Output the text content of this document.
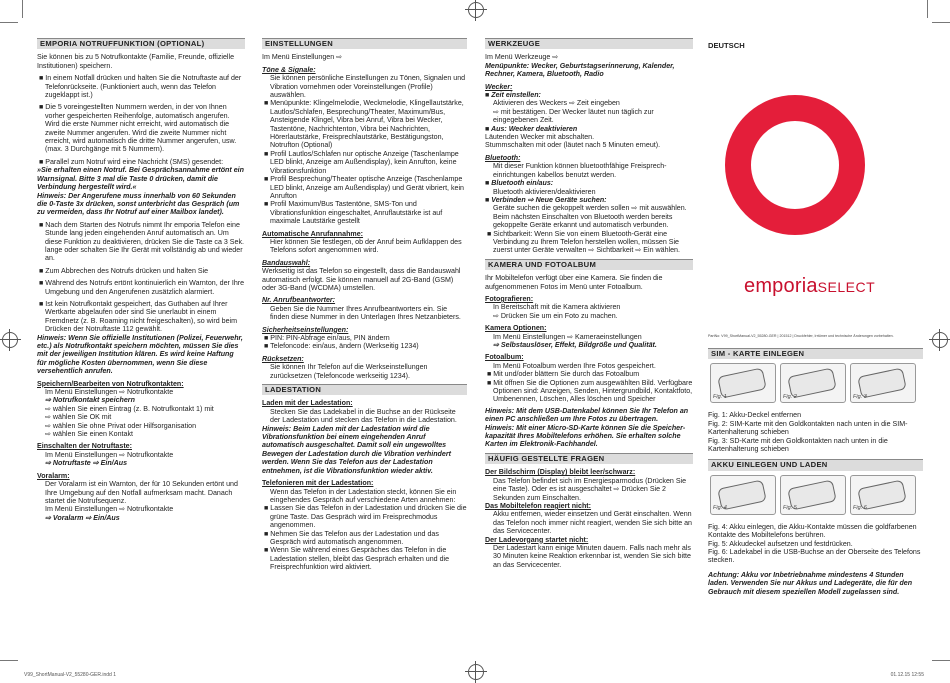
EMPORIA NOTRUFFUNKTION (OPTIONAL)

Sie können bis zu 5 Notrufkontakte (Familie, Freunde, offizielle Institutionen) speichern.

■ In einem Notfall drücken und halten Sie die Notruftaste auf der Telefonrückseite. (Funktioniert auch, wenn das Telefon zugeklappt ist.)

■ Die 5 voreingestellten Nummern werden, in der von Ihnen vorher gespeicherten Reihenfolge, automatisch angerufen. Wird die erste Nummer nicht erreicht, wird automatisch die zweite Nummer angerufen. Wird die zweite Nummer nicht erreicht, wird automatisch die dritte Nummer angerufen, usw. (max. 3 Durchgänge mit 5 Nummern).

■ Parallel zum Notruf wird eine Nachricht (SMS) gesendet:

»Sie erhalten einen Notruf. Bei Gesprächsannahme ertönt ein Warnsignal. Bitte 3 mal die Taste 0 drücken, damit die Verbindung hergestellt wird.«

Hinweis: Der Angerufene muss innerhalb von 60 Sekunden die 0-Taste 3x drücken, sonst unterbricht das Gespräch (um zu vermeiden, dass Ihr Notruf auf einer Mailbox landet).

■ Nach dem Starten des Notrufs nimmt Ihr emporia Telefon eine Stunde lang jeden eingehenden Anruf automatisch an. Um diese Funktion zu deaktivieren, drücken Sie die Taste ca 3 Sek. lange oder schalten Sie Ihr Gerät mit vollständig ab und wieder an.

■ Zum Abbrechen des Notrufs drücken und halten Sie

■ Während des Notrufs ertönt kontinuierlich ein Warnton, der Ihre Umgebung und den Angerufenen zusätzlich alarmiert.

■ Ist kein Notrufkontakt gespeichert, das Guthaben auf Ihrer Wertkarte abgelaufen oder sind Sie unerlaubt in einem Fremdnetz (z. B. Roaming nicht freigeschalten), so wird beim Drücken der Notruftaste 112 gewählt.

Hinweis: Wenn Sie offizielle Institutionen (Polizei, Feuerwehr, etc.) als Notrufkontakt speichern möchten, müssen Sie dies mit der jeweiligen Institution klären. Es wird keine Haftung für mögliche Kosten übernommen, wenn Sie diese versehentlich anrufen.

Speichern/Bearbeiten von Notrufkontakten:
Im Menü Einstellungen ⇨ Notrufkontakte
⇨ Notrufkontakt speichern
⇨ wählen Sie einen Eintrag (z. B. Notrufkontakt 1) mit
⇨ wählen Sie OK mit
⇨ wählen Sie ohne Privat oder Hilfsorganisation
⇨ wählen Sie einen Kontakt
Einschalten der Notruftaste:
Im Menü Einstellungen ⇨ Notrufkontakte
⇨ Notruftaste ⇨ Ein/Aus
Voralarm:
Der Voralarm ist ein Warnton, der für 10 Sekunden ertönt und Ihre Umgebung auf den Notfall aufmerksam macht. Danach startet die Notrufsequenz.
Im Menü Einstellungen ⇨ Notrufkontakte
⇨ Voralarm ⇨ Ein/Aus
EINSTELLUNGEN

Im Menü Einstellungen ⇨

Töne & Signale:
Sie können persönliche Einstellungen zu Tönen, Signalen und Vibration vornehmen oder Voreinstellungen (Profile) auswählen.
■ Menüpunkte: Klingelmelodie, Weckmelodie, Klingellautstärke, Lautlos/Schlafen, Besprechung/Theater, Maximum/Bus, Ansteigende Klingel, Vibra bei Anruf, Vibra bei Wecker, Tastentöne, Nachrichtenton, Vibra bei Nachrichten, Hörerlautstärke, Freisprechlautstärke, Bestätigungston, Notrufton (Optional)
■ Profil Lautlos/Schlafen nur optische Anzeige (Taschenlampe LED blinkt, Anzeige am Außendisplay), kein Anrufton, keine Vibrationsfunktion
■ Profil Besprechung/Theater optische Anzeige (Taschenlampe LED blinkt, Anzeige am Außendisplay) und Gerät vibriert, kein Anrufton
■ Profil Maximum/Bus Tastentöne, SMS-Ton und Vibrationsfunktion eingeschaltet, Anruflautstärke ist auf maximale Lautstärke gestellt
Automatische Anrufannahme:
Hier können Sie festlegen, ob der Anruf beim Aufklappen des Telefons sofort angenommen wird.
Bandauswahl:
Werkseitig ist das Telefon so eingestellt, dass die Bandauswahl automatisch erfolgt. Sie können manuell auf 2G-Band (GSM) oder 3G-Band (WCDMA) umstellen.
Nr. Anrufbeantworter:
Geben Sie die Nummer Ihres Anrufbeantworters ein. Sie finden diese Nummer in den Unterlagen Ihres Netzanbieters.
Sicherheitseinstellungen:
■ PIN: PIN-Abfrage ein/aus, PIN ändern
■ Telefoncode: ein/aus, ändern (Werkseitig 1234)
Rücksetzen:
Sie können Ihr Telefon auf die Werkseinstellungen zurücksetzen (Telefoncode werkseitig 1234).
LADESTATION
Laden mit der Ladestation:
Stecken Sie das Ladekabel in die Buchse an der Rückseite der Ladestation und stecken das Telefon in die Ladestation.
Hinweis: Beim Laden mit der Ladestation wird die Vibrationsfunktion bei einem eingehenden Anruf automatisch ausgeschaltet. Damit soll ein ungewolltes Bewegen der Ladestation durch die Vibration verhindert werden. Wenn Sie das Telefon aus der Ladestation entnehmen, ist die Vibrationsfunktion wieder aktiv.
Telefonieren mit der Ladestation:
Wenn das Telefon in der Ladestation steckt, können Sie ein eingehendes Gespräch auf verschiedene Arten annehmen:
■ Lassen Sie das Telefon in der Ladestation und drücken Sie die grüne Taste. Das Gespräch wird im Freisprechmodus angenommen.
■ Nehmen Sie das Telefon aus der Ladestation und das Gespräch wird automatisch angenommen.
■ Wenn Sie während eines Gespräches das Telefon in die Ladestation stellen, bleibt das Gespräch erhalten und die Freisprechfunktion wird aktiviert.
WERKZEUGE
Im Menü Werkzeuge ⇨
Menüpunkte: Wecker, Geburtstagserinnerung, Kalender, Rechner, Kamera, Bluetooth, Radio
Wecker:
■ Zeit einstellen:
Aktivieren des Weckers ⇨ Zeit eingeben
⇨ mit bestätigen. Der Wecker läutet nun täglich zur eingegebenen Zeit.
■ Aus: Wecker deaktivieren
Läutenden Wecker mit abschalten.
Stummschalten mit oder (läutet nach 5 Minuten erneut).
Bluetooth:
Mit dieser Funktion können bluetoothfähige Freisprech-einrichtungen kabellos benutzt werden.
■ Bluetooth ein/aus:
Bluetooth aktivieren/deaktivieren
■ Verbinden ⇨ Neue Geräte suchen:
Geräte suchen die gekoppelt werden sollen ⇨ mit auswählen.
Beim nächsten Einschalten von Bluetooth werden bereits gekoppelte Geräte erkannt und automatisch verbunden.
■ Sichtbarkeit: Wenn Sie von einem Bluetooth-Gerät eine Verbindung zu Ihrem Telefon herstellen wollen, müssen Sie zuerst unter Geräte verwalten ⇨ Sichtbarkeit ⇨ Ein wählen.
KAMERA UND FOTOALBUM
Ihr Mobiltelefon verfügt über eine Kamera. Sie finden die aufgenommenen Fotos im Menü unter Fotoalbum.
Fotografieren:
In Bereitschaft mit die Kamera aktivieren
⇨ Drücken Sie um ein Foto zu machen.
Kamera Optionen:
Im Menü Einstellungen ⇨ Kameraeinstellungen
⇨ Selbstauslöser, Effekt, Bildgröße und Qualität.
Fotoalbum:
Im Menü Fotoalbum werden Ihre Fotos gespeichert.
■ Mit und/oder blättern Sie durch das Fotoalbum
■ Mit öffnen Sie die Optionen zum ausgewählten Bild. Verfügbare Optionen sind: Anzeigen, Senden, Hintergrundbild, Kontaktfoto, Umbenennen, Löschen, Alles löschen und Speicher
Hinweis: Mit dem USB-Datenkabel können Sie Ihr Telefon an einen PC anschließen um Ihre Fotos zu übertragen.
Hinweis: Mit einer Micro-SD-Karte können Sie die Speicher-kapazität Ihres Mobiltelefons erhöhen. Sie erhalten solche Karten im Elektronik-Fachhandel.
HÄUFIG GESTELLTE FRAGEN
Der Bildschirm (Display) bleibt leer/schwarz:
Das Telefon befindet sich im Energiesparmodus (Drücken Sie eine Taste). Oder es ist ausgeschaltet ⇨ Drücken Sie 2 Sekunden zum Einschalten.
Das Mobiltelefon reagiert nicht:
Akku entfernen, wieder einsetzen und Gerät einschalten. Wenn das Telefon noch immer nicht reagiert, wenden Sie sich bitte an das Servicecenter.
Der Ladevorgang startet nicht:
Der Ladestart kann einige Minuten dauern. Falls nach mehr als 30 Minuten keine Reaktion erkennbar ist, wenden Sie sich bitte an das Servicecenter.
DEUTSCH
emporiaSELECT
PartNo: V99_ShortManual-V2_55280-GER | 201512 | Druckfehler, Irrtümer und technische Änderungen vorbehalten.
SIM - KARTE EINLEGEN
Fig. 1	Fig. 2	Fig. 3
Fig. 1: Akku-Deckel entfernen
Fig. 2: SIM-Karte mit den Goldkontakten nach unten in die SIM-Kartenhalterung schieben
Fig. 3: SD-Karte mit den Goldkontakten nach unten in die Kartenhalterung schieben
AKKU EINLEGEN UND LADEN
Fig. 4	Fig. 5	Fig. 6
Fig. 4: Akku einlegen, die Akku-Kontakte müssen die goldfarbenen Kontakte des Mobiltelefons berühren.
Fig. 5: Akkudeckel aufsetzen und festdrücken.
Fig. 6: Ladekabel in die USB-Buchse an der Oberseite des Telefons stecken.
Achtung: Akku vor Inbetriebnahme mindestens 4 Stunden laden. Verwenden Sie nur Akkus und Ladegeräte, die für den Gebrauch mit diesem speziellen Modell zugelassen sind.
V99_ShortManual-V2_55280-GER.indd 1	01.12.15 12:55
